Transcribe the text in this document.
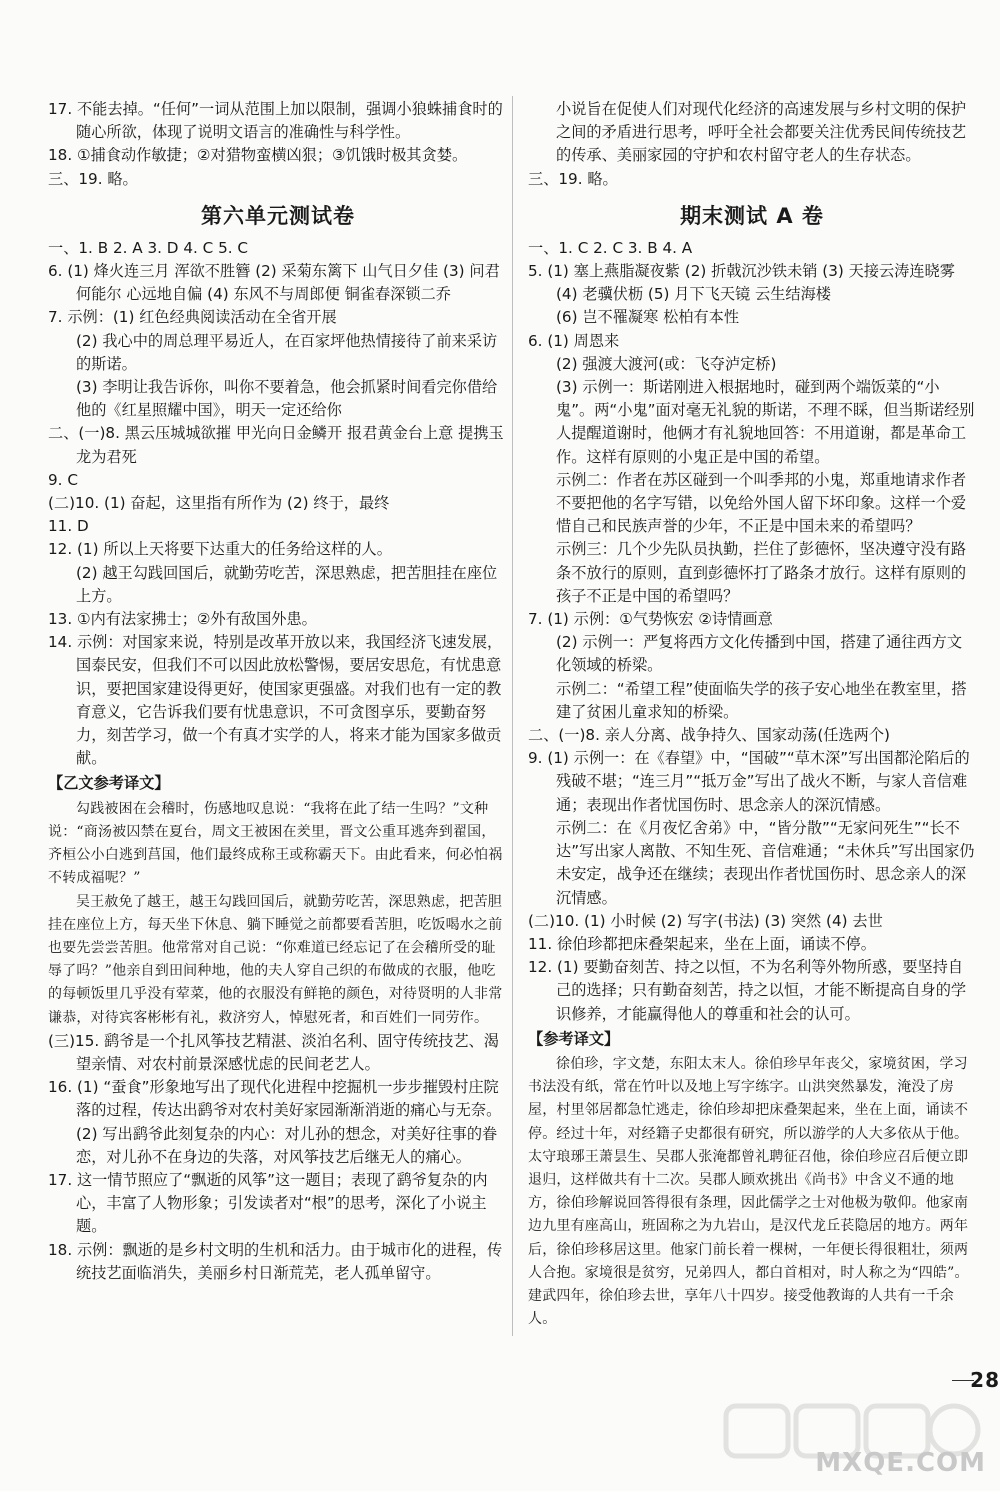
17. 不能去掉。“任何”一词从范围上加以限制，强调小狼蛛捕食时的随心所欲，体现了说明文语言的准确性与科学性。

18. ①捕食动作敏捷；②对猎物蛮横凶狠；③饥饿时极其贪婪。

三、19. 略。

第六单元测试卷

一、1. B 2. A 3. D 4. C 5. C

6. (1) 烽火连三月 浑欲不胜簪 (2) 采菊东篱下 山气日夕佳 (3) 问君何能尔 心远地自偏 (4) 东风不与周郎便 铜雀春深锁二乔

7. 示例：(1) 红色经典阅读活动在全省开展

(2) 我心中的周总理平易近人，在百家坪他热情接待了前来采访的斯诺。

(3) 李明让我告诉你，叫你不要着急，他会抓紧时间看完你借给他的《红星照耀中国》，明天一定还给你

二、(一)8. 黑云压城城欲摧 甲光向日金鳞开 报君黄金台上意 提携玉龙为君死

9. C

(二)10. (1) 奋起，这里指有所作为 (2) 终于，最终

11. D

12. (1) 所以上天将要下达重大的任务给这样的人。

(2) 越王勾践回国后，就勤劳吃苦，深思熟虑，把苦胆挂在座位上方。

13. ①内有法家拂士；②外有敌国外患。

14. 示例：对国家来说，特别是改革开放以来，我国经济飞速发展，国泰民安，但我们不可以因此放松警惕，要居安思危，有忧患意识，要把国家建设得更好，使国家更强盛。对我们也有一定的教育意义，它告诉我们要有忧患意识，不可贪图享乐，要勤奋努力，刻苦学习，做一个有真才实学的人，将来才能为国家多做贡献。

【乙文参考译文】

勾践被困在会稽时，伤感地叹息说：“我将在此了结一生吗？”文种说：“商汤被囚禁在夏台，周文王被困在羑里，晋文公重耳逃奔到翟国，齐桓公小白逃到莒国，他们最终成称王或称霸天下。由此看来，何必怕祸不转成福呢？”

吴王赦免了越王，越王勾践回国后，就勤劳吃苦，深思熟虑，把苦胆挂在座位上方，每天坐下休息、躺下睡觉之前都要看苦胆，吃饭喝水之前也要先尝尝苦胆。他常常对自己说：“你难道已经忘记了在会稽所受的耻辱了吗？”他亲自到田间种地，他的夫人穿自己织的布做成的衣服，他吃的每顿饭里几乎没有荤菜，他的衣服没有鲜艳的颜色，对待贤明的人非常谦恭，对待宾客彬彬有礼，救济穷人，悼慰死者，和百姓们一同劳作。

(三)15. 鹞爷是一个扎风筝技艺精湛、淡泊名利、固守传统技艺、渴望亲情、对农村前景深感忧虑的民间老艺人。

16. (1) “蚕食”形象地写出了现代化进程中挖掘机一步步摧毁村庄院落的过程，传达出鹞爷对农村美好家园渐渐消逝的痛心与无奈。

(2) 写出鹞爷此刻复杂的内心：对儿孙的想念，对美好往事的眷恋，对儿孙不在身边的失落，对风筝技艺后继无人的痛心。

17. 这一情节照应了“飘逝的风筝”这一题目；表现了鹞爷复杂的内心，丰富了人物形象；引发读者对“根”的思考，深化了小说主题。

18. 示例：飘逝的是乡村文明的生机和活力。由于城市化的进程，传统技艺面临消失，美丽乡村日渐荒芜，老人孤单留守。

小说旨在促使人们对现代化经济的高速发展与乡村文明的保护之间的矛盾进行思考，呼吁全社会都要关注优秀民间传统技艺的传承、美丽家园的守护和农村留守老人的生存状态。

三、19. 略。

期末测试 A 卷

一、1. C 2. C 3. B 4. A

5. (1) 塞上燕脂凝夜紫 (2) 折戟沉沙铁未销 (3) 天接云涛连晓雾 (4) 老骥伏枥 (5) 月下飞天镜 云生结海楼

(6) 岂不罹凝寒 松柏有本性

6. (1) 周恩来

(2) 强渡大渡河(或：飞夺泸定桥)

(3) 示例一：斯诺刚进入根据地时，碰到两个端饭菜的“小鬼”。两“小鬼”面对毫无礼貌的斯诺，不理不睬，但当斯诺经别人提醒道谢时，他俩才有礼貌地回答：不用道谢，都是革命工作。这样有原则的小鬼正是中国的希望。

示例二：作者在苏区碰到一个叫季邦的小鬼，郑重地请求作者不要把他的名字写错，以免给外国人留下坏印象。这样一个爱惜自己和民族声誉的少年，不正是中国未来的希望吗？

示例三：几个少先队员执勤，拦住了彭德怀，坚决遵守没有路条不放行的原则，直到彭德怀打了路条才放行。这样有原则的孩子不正是中国的希望吗？

7. (1) 示例：①气势恢宏 ②诗情画意

(2) 示例一：严复将西方文化传播到中国，搭建了通往西方文化领域的桥梁。

示例二：“希望工程”使面临失学的孩子安心地坐在教室里，搭建了贫困儿童求知的桥梁。

二、(一)8. 亲人分离、战争持久、国家动荡(任选两个)

9. (1) 示例一：在《春望》中，“国破”“草木深”写出国都沦陷后的残破不堪；“连三月”“抵万金”写出了战火不断，与家人音信难通；表现出作者忧国伤时、思念亲人的深沉情感。

示例二：在《月夜忆舍弟》中，“皆分散”“无家问死生”“长不达”写出家人离散、不知生死、音信难通；“未休兵”写出国家仍未安定，战争还在继续；表现出作者忧国伤时、思念亲人的深沉情感。

(二)10. (1) 小时候 (2) 写字(书法) (3) 突然 (4) 去世

11. 徐伯珍都把床叠架起来，坐在上面，诵读不停。

12. (1) 要勤奋刻苦、持之以恒，不为名利等外物所惑，要坚持自己的选择；只有勤奋刻苦，持之以恒，才能不断提高自身的学识修养，才能赢得他人的尊重和社会的认可。

【参考译文】

徐伯珍，字文楚，东阳太末人。徐伯珍早年丧父，家境贫困，学习书法没有纸，常在竹叶以及地上写字练字。山洪突然暴发，淹没了房屋，村里邻居都急忙逃走，徐伯珍却把床叠架起来，坐在上面，诵读不停。经过十年，对经籍子史都很有研究，所以游学的人大多依从于他。太守琅琊王萧昙生、吴郡人张淹都曾礼聘征召他，徐伯珍应召后便立即退归，这样做共有十二次。吴郡人顾欢挑出《尚书》中含义不通的地方，徐伯珍解说回答得很有条理，因此儒学之士对他极为敬仰。他家南边九里有座高山，班固称之为九岩山，是汉代龙丘苌隐居的地方。两年后，徐伯珍移居这里。他家门前长着一棵树，一年便长得很粗壮，须两人合抱。家境很是贫穷，兄弟四人，都白首相对，时人称之为“四皓”。建武四年，徐伯珍去世，享年八十四岁。接受他教诲的人共有一千余人。

28
MXQE.COM
